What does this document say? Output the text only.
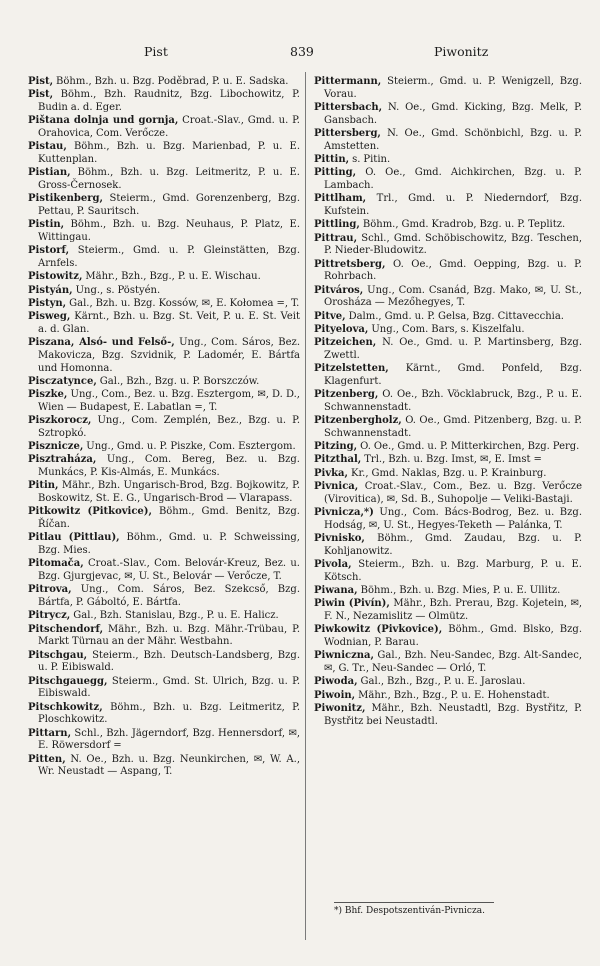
Pist	839	Piwonitz
Pist, Böhm., Bzh. u. Bzg. Poděbrad, P. u. E. Sadska.
Pist, Böhm., Bzh. Raudnitz, Bzg. Libochowitz, P. Budin a. d. Eger.
Pištana dolnja und gornja, Croat.-Slav., Gmd. u. P. Orahovica, Com. Verőcze.
Pistau, Böhm., Bzh. u. Bzg. Marienbad, P. u. E. Kuttenplan.
Pistian, Böhm., Bzh. u. Bzg. Leitmeritz, P. u. E. Gross-Černosek.
Pistikenberg, Steierm., Gmd. Gorenzenberg, Bzg. Pettau, P. Sauritsch.
Pistin, Böhm., Bzh. u. Bzg. Neuhaus, P. Platz, E. Wittingau.
Pistorf, Steierm., Gmd. u. P. Gleinstätten, Bzg. Arnfels.
Pistowitz, Mähr., Bzh., Bzg., P. u. E. Wischau.
Pistyán, Ung., s. Pöstyén.
Pistyn, Gal., Bzh. u. Bzg. Kossów, ✉, E. Kołomea =, T.
Pisweg, Kärnt., Bzh. u. Bzg. St. Veit, P. u. E. St. Veit a. d. Glan.
Piszana, Alsó- und Felső-, Ung., Com. Sáros, Bez. Makovicza, Bzg. Szvidnik, P. Ladomér, E. Bártfa und Homonna.
Pisczatynce, Gal., Bzh., Bzg. u. P. Borszczów.
Piszke, Ung., Com., Bez. u. Bzg. Esztergom, ✉, D. D., Wien — Budapest, E. Labatlan =, T.
Piszkorocz, Ung., Com. Zemplén, Bez., Bzg. u. P. Sztropkó.
Pisznicze, Ung., Gmd. u. P. Piszke, Com. Esztergom.
Pisztraháza, Ung., Com. Bereg, Bez. u. Bzg. Munkács, P. Kis-Almás, E. Munkács.
Pitin, Mähr., Bzh. Ungarisch-Brod, Bzg. Bojkowitz, P. Boskowitz, St. E. G., Ungarisch-Brod — Vlarapass.
Pitkowitz (Pitkovice), Böhm., Gmd. Benitz, Bzg. Říčan.
Pitlau (Pittlau), Böhm., Gmd. u. P. Schweissing, Bzg. Mies.
Pitomača, Croat.-Slav., Com. Belovár-Kreuz, Bez. u. Bzg. Gjurgjevac, ✉, U. St., Belovár — Verőcze, T.
Pitrova, Ung., Com. Sáros, Bez. Szekcső, Bzg. Bártfa, P. Gáboltó, E. Bártfa.
Pitrycz, Gal., Bzh. Stanislau, Bzg., P. u. E. Halicz.
Pitschendorf, Mähr., Bzh. u. Bzg. Mähr.-Trübau, P. Markt Türnau an der Mähr. Westbahn.
Pitschgau, Steierm., Bzh. Deutsch-Landsberg, Bzg. u. P. Eibiswald.
Pitschgauegg, Steierm., Gmd. St. Ulrich, Bzg. u. P. Eibiswald.
Pitschkowitz, Böhm., Bzh. u. Bzg. Leitmeritz, P. Ploschkowitz.
Pittarn, Schl., Bzh. Jägerndorf, Bzg. Hennersdorf, ✉, E. Röwersdorf =
Pitten, N. Oe., Bzh. u. Bzg. Neunkirchen, ✉, W. A., Wr. Neustadt — Aspang, T.
Pittermann, Steierm., Gmd. u. P. Wenigzell, Bzg. Vorau.
Pittersbach, N. Oe., Gmd. Kicking, Bzg. Melk, P. Gansbach.
Pittersberg, N. Oe., Gmd. Schönbichl, Bzg. u. P. Amstetten.
Pittin, s. Pitin.
Pitting, O. Oe., Gmd. Aichkirchen, Bzg. u. P. Lambach.
Pittlham, Trl., Gmd. u. P. Niederndorf, Bzg. Kufstein.
Pittling, Böhm., Gmd. Kradrob, Bzg. u. P. Teplitz.
Pittrau, Schl., Gmd. Schöbischowitz, Bzg. Teschen, P. Nieder-Bludowitz.
Pittretsberg, O. Oe., Gmd. Oepping, Bzg. u. P. Rohrbach.
Pitváros, Ung., Com. Csanád, Bzg. Mako, ✉, U. St., Orosháza — Mezőhegyes, T.
Pitve, Dalm., Gmd. u. P. Gelsa, Bzg. Cittavecchia.
Pityelova, Ung., Com. Bars, s. Kiszelfalu.
Pitzeichen, N. Oe., Gmd. u. P. Martinsberg, Bzg. Zwettl.
Pitzelstetten, Kärnt., Gmd. Ponfeld, Bzg. Klagenfurt.
Pitzenberg, O. Oe., Bzh. Vöcklabruck, Bzg., P. u. E. Schwannenstadt.
Pitzenbergholz, O. Oe., Gmd. Pitzenberg, Bzg. u. P. Schwannenstadt.
Pitzing, O. Oe., Gmd. u. P. Mitterkirchen, Bzg. Perg.
Pitzthal, Trl., Bzh. u. Bzg. Imst, ✉, E. Imst =
Pivka, Kr., Gmd. Naklas, Bzg. u. P. Krainburg.
Pivnica, Croat.-Slav., Com., Bez. u. Bzg. Verőcze (Virovitica), ✉, Sd. B., Suhopolje — Veliki-Bastaji.
Pivnicza,*) Ung., Com. Bács-Bodrog, Bez. u. Bzg. Hodság, ✉, U. St., Hegyes-Teketh — Palánka, T.
Pivnisko, Böhm., Gmd. Zaudau, Bzg. u. P. Kohljanowitz.
Pivola, Steierm., Bzh. u. Bzg. Marburg, P. u. E. Kötsch.
Piwana, Böhm., Bzh. u. Bzg. Mies, P. u. E. Ullitz.
Piwin (Pivín), Mähr., Bzh. Prerau, Bzg. Kojetein, ✉, F. N., Nezamislitz — Olmütz.
Piwkowitz (Pivkovice), Böhm., Gmd. Blsko, Bzg. Wodnian, P. Barau.
Piwniczna, Gal., Bzh. Neu-Sandec, Bzg. Alt-Sandec, ✉, G. Tr., Neu-Sandec — Orló, T.
Piwoda, Gal., Bzh., Bzg., P. u. E. Jaroslau.
Piwoin, Mähr., Bzh., Bzg., P. u. E. Hohenstadt.
Piwonitz, Mähr., Bzh. Neustadtl, Bzg. Bystřitz, P. Bystřitz bei Neustadtl.
*) Bhf. Despotszentiván-Pivnicza.
